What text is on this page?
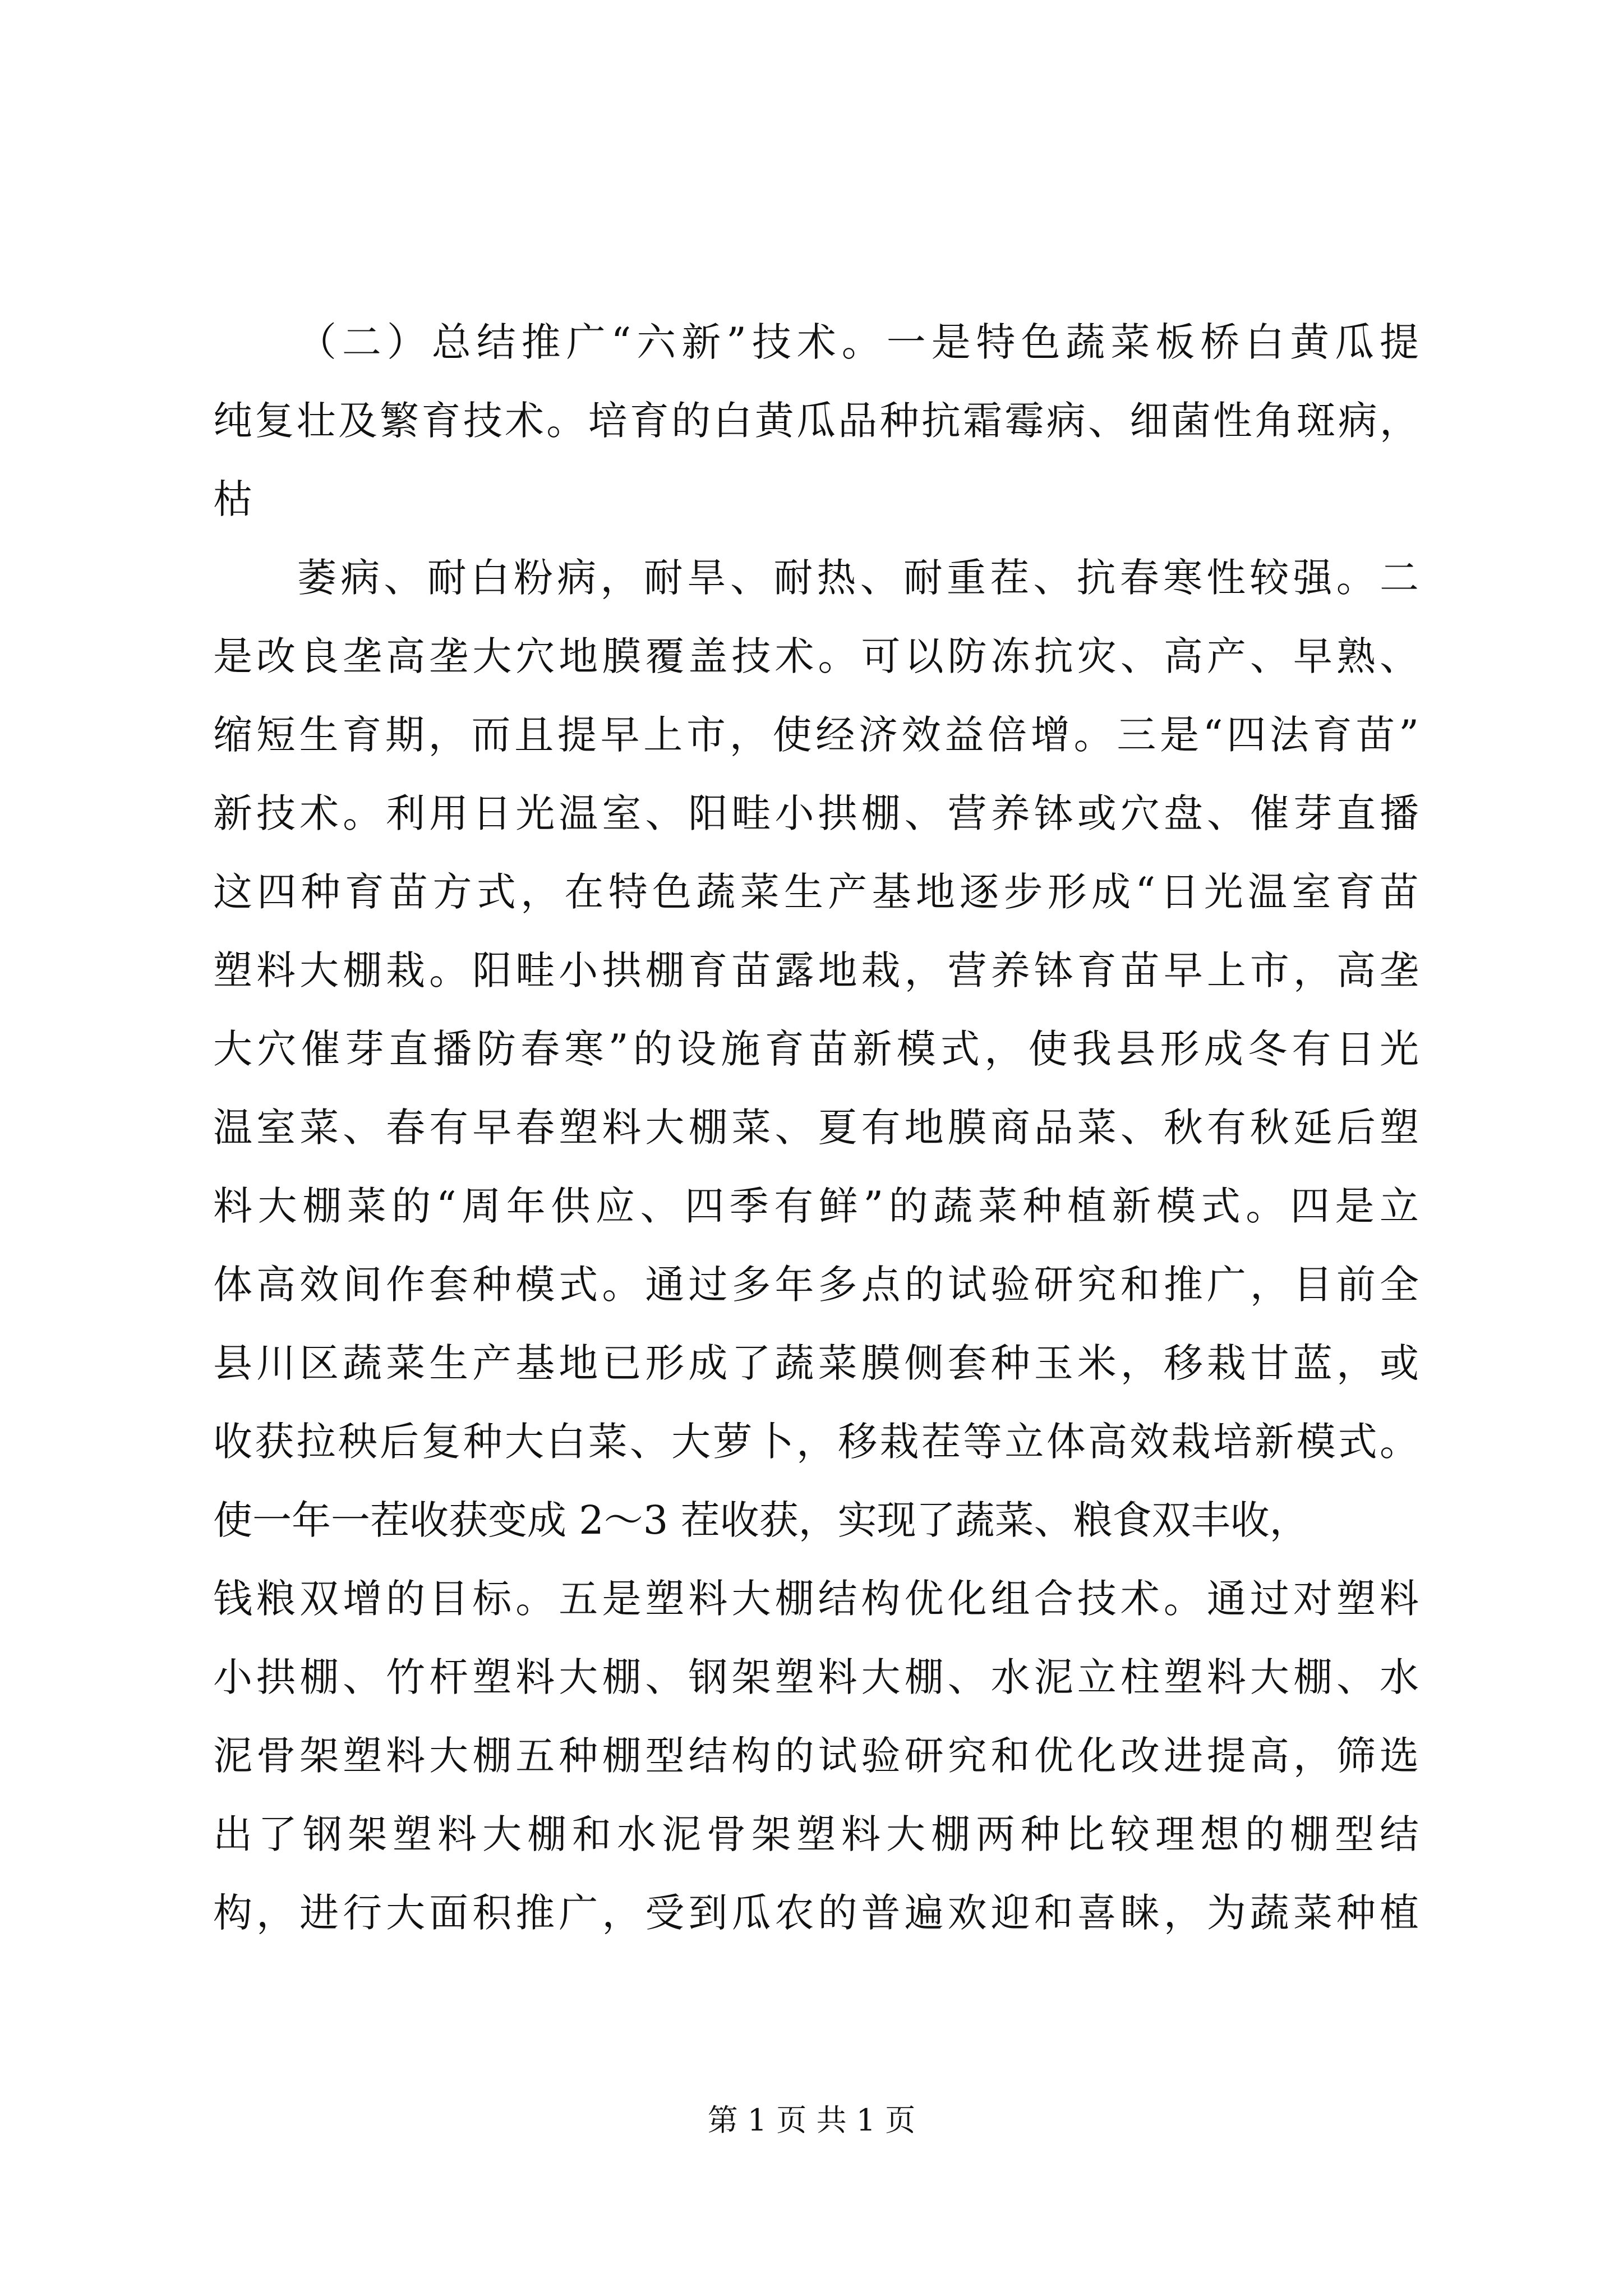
（二）总结推广“六新”技术。一是特色蔬菜板桥白黄瓜提
纯复壮及繁育技术。培育的白黄瓜品种抗霜霉病、细菌性角斑病，
枯
萎病、耐白粉病，耐旱、耐热、耐重茬、抗春寒性较强。二
是改良垄高垄大穴地膜覆盖技术。可以防冻抗灾、高产、早熟、
缩短生育期，而且提早上市，使经济效益倍增。三是“四法育苗”
新技术。利用日光温室、阳畦小拱棚、营养钵或穴盘、催芽直播
这四种育苗方式，在特色蔬菜生产基地逐步形成“日光温室育苗
塑料大棚栽。阳畦小拱棚育苗露地栽，营养钵育苗早上市，高垄
大穴催芽直播防春寒”的设施育苗新模式，使我县形成冬有日光
温室菜、春有早春塑料大棚菜、夏有地膜商品菜、秋有秋延后塑
料大棚菜的“周年供应、四季有鲜”的蔬菜种植新模式。四是立
体高效间作套种模式。通过多年多点的试验研究和推广，目前全
县川区蔬菜生产基地已形成了蔬菜膜侧套种玉米，移栽甘蓝，或
收获拉秧后复种大白菜、大萝卜，移栽茬等立体高效栽培新模式。
使一年一茬收获变成 2～3 茬收获，实现了蔬菜、粮食双丰收，
钱粮双增的目标。五是塑料大棚结构优化组合技术。通过对塑料
小拱棚、竹杆塑料大棚、钢架塑料大棚、水泥立柱塑料大棚、水
泥骨架塑料大棚五种棚型结构的试验研究和优化改进提高，筛选
出了钢架塑料大棚和水泥骨架塑料大棚两种比较理想的棚型结
构，进行大面积推广，受到瓜农的普遍欢迎和喜睐，为蔬菜种植
第 1 页 共 1 页
